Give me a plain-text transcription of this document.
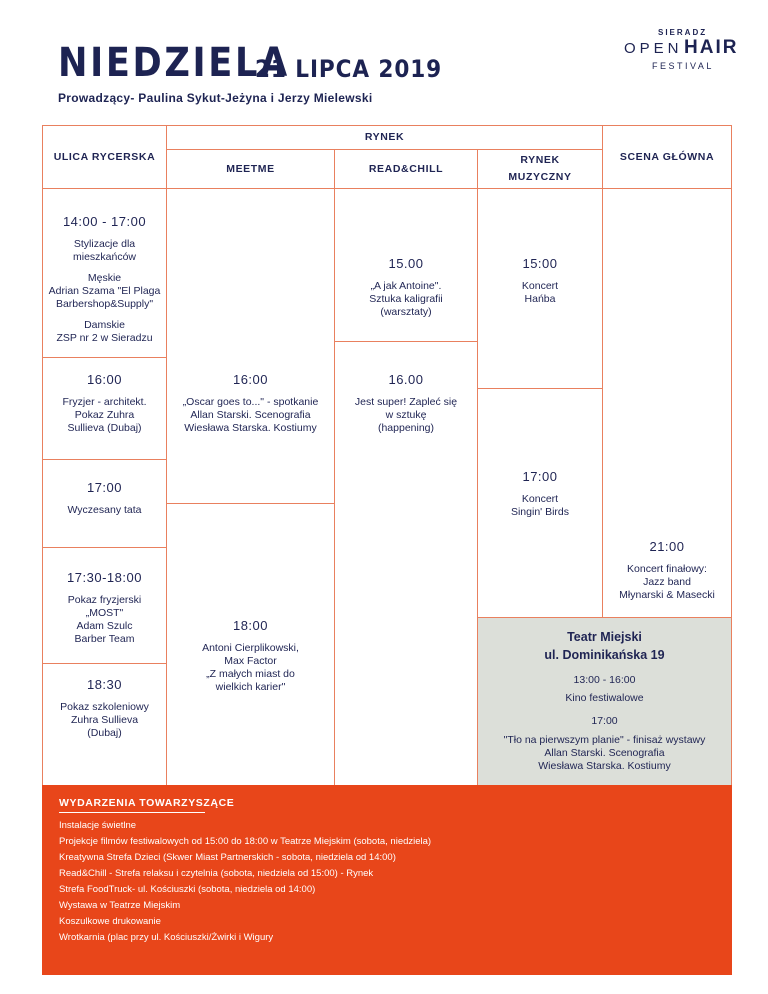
NIEDZIELA
21 LIPCA 2019
Prowadzący- Paulina Sykut-Jeżyna i Jerzy Mielewski
SIERADZ
OPEN HAIR
FESTIVAL
ULICA RYCERSKA
RYNEK
MEETME	READ&CHILL
RYNEK
MUZYCZNY
SCENA GŁÓWNA
14:00 - 17:00
Stylizacje dla mieszkańców
Męskie
Adrian Szama "El Plaga
Barbershop&Supply"
Damskie
ZSP nr 2 w Sieradzu
16:00
Fryzjer - architekt.
Pokaz Zuhra
Sullieva (Dubaj)
17:00
Wyczesany tata
17:30-18:00
Pokaz fryzjerski
„MOST"
Adam Szulc
Barber Team
18:30
Pokaz szkoleniowy
Zuhra Sullieva
(Dubaj)
16:00
„Oscar goes to..." - spotkanie
Allan Starski. Scenografia
Wiesława Starska. Kostiumy
18:00
Antoni Cierplikowski,
Max Factor
„Z małych miast do
wielkich karier"
15.00
„A jak Antoine".
Sztuka kaligrafii
(warsztaty)
16.00
Jest super! Zapleć się
w sztukę
(happening)
15:00
Koncert
Hańba
17:00
Koncert
Singin' Birds
21:00
Koncert finałowy:
Jazz band
Młynarski & Masecki
Teatr Miejski
ul. Dominikańska 19
13:00 - 16:00
Kino festiwalowe
17:00
"Tło na pierwszym planie" - finisaż wystawy
Allan Starski. Scenografia
Wiesława Starska. Kostiumy
WYDARZENIA TOWARZYSZĄCE
Instalacje świetlne
Projekcje filmów festiwalowych od 15:00 do 18:00 w Teatrze Miejskim (sobota, niedziela)
Kreatywna Strefa Dzieci (Skwer Miast Partnerskich - sobota, niedziela od 14:00)
Read&Chill - Strefa relaksu i czytelnia (sobota, niedziela od 15:00) - Rynek
Strefa FoodTruck- ul. Kościuszki (sobota, niedziela od 14:00)
Wystawa w Teatrze Miejskim
Koszulkowe drukowanie
Wrotkarnia (plac przy ul. Kościuszki/Żwirki i Wigury
